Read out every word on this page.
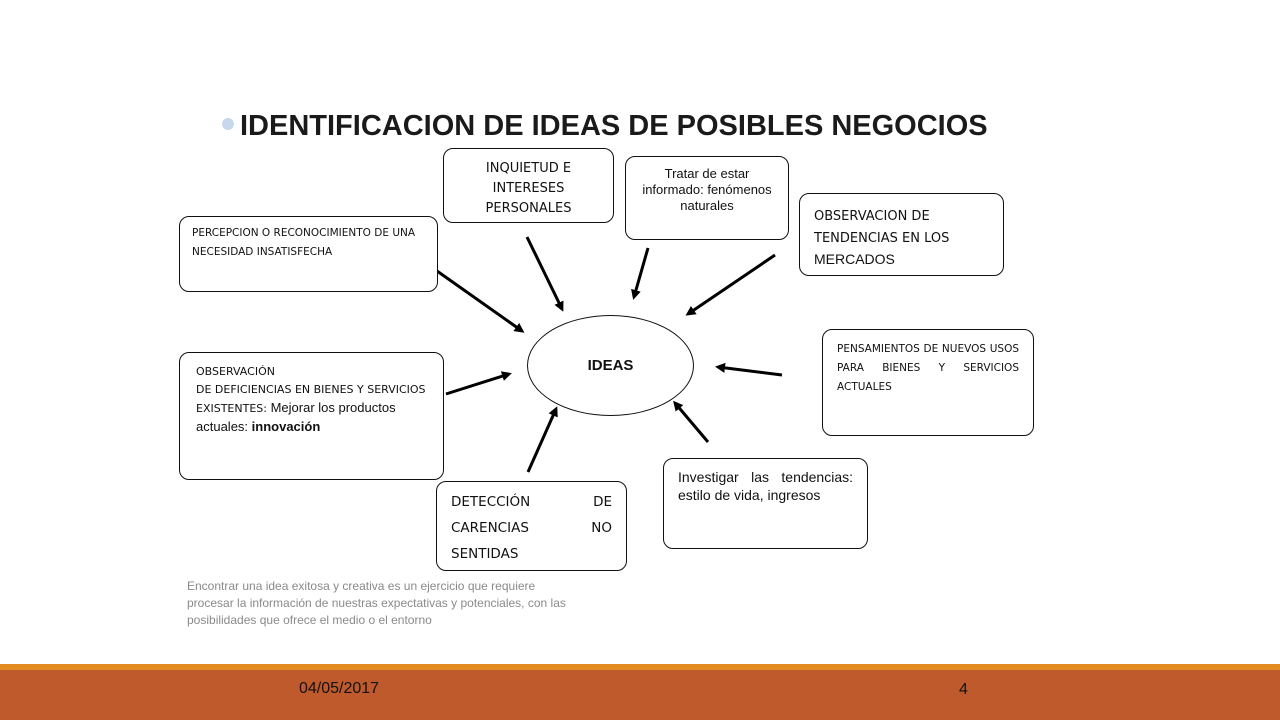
IDENTIFICACION DE IDEAS DE POSIBLES NEGOCIOS
IDEAS
INQUIETUD E INTERESES PERSONALES
Tratar de estar informado: fenómenos naturales
OBSERVACION DE TENDENCIAS EN LOS
MERCADOS
PERCEPCION O RECONOCIMIENTO DE UNA NECESIDAD INSATISFECHA
PENSAMIENTOS DE NUEVOS USOS PARA BIENES Y SERVICIOS ACTUALES
OBSERVACIÓN
DE DEFICIENCIAS EN BIENES Y SERVICIOS
EXISTENTES: Mejorar los productos actuales: innovación
Investigar las tendencias: estilo de vida, ingresos
DETECCIÓN DE CARENCIAS NO SENTIDAS
Encontrar una idea exitosa y creativa es un ejercicio que requiere procesar la información de nuestras expectativas y potenciales, con las posibilidades que ofrece el medio o el entorno
04/05/2017	4
